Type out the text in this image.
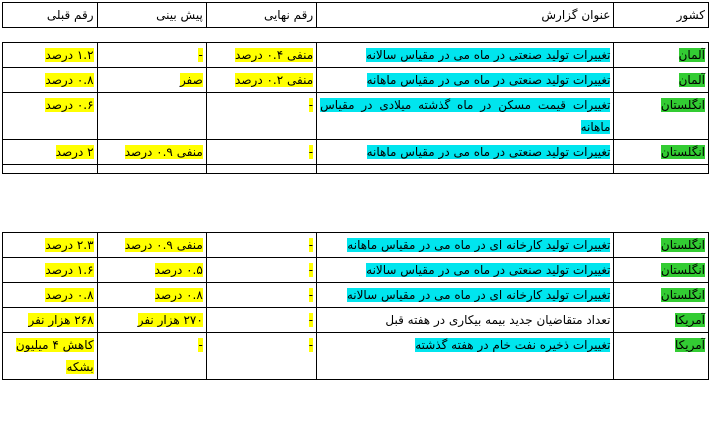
کشور	عنوان گزارش	رقم نهایی	پیش بینی	رقم قبلی
آلمان	تغییرات تولید صنعتی در ماه می در مقیاس سالانه	منفی ۰.۴ درصد	-	۱.۲ درصد
آلمان	تغییرات تولید صنعتی در ماه می در مقیاس ماهانه	منفی ۰.۲ درصد	صفر	۰.۸ درصد
انگلستان	تغییرات قیمت مسکن در ماه گذشته میلادی در مقیاس ماهانه	-		۰.۶ درصد
انگلستان	تغییرات تولید صنعتی در ماه می در مقیاس ماهانه	-	منفی ۰.۹ درصد	۲ درصد

انگلستان	تغییرات تولید کارخانه ای در ماه می در مقیاس ماهانه	-	منفی ۰.۹ درصد	۲.۳ درصد
انگلستان	تغییرات تولید صنعتی در ماه می در مقیاس سالانه	-	۰.۵ درصد	۱.۶ درصد
انگلستان	تغییرات تولید کارخانه ای در ماه می در مقیاس سالانه	-	۰.۸ درصد	۰.۸ درصد
آمریکا	تعداد متقاضیان جدید بیمه بیکاری در هفته قبل	-	۲۷۰ هزار نفر	۲۶۸ هزار نفر
آمریکا	تغییرات ذخیره نفت خام در هفته گذشته	-	-	کاهش ۴ میلیون بشکه
